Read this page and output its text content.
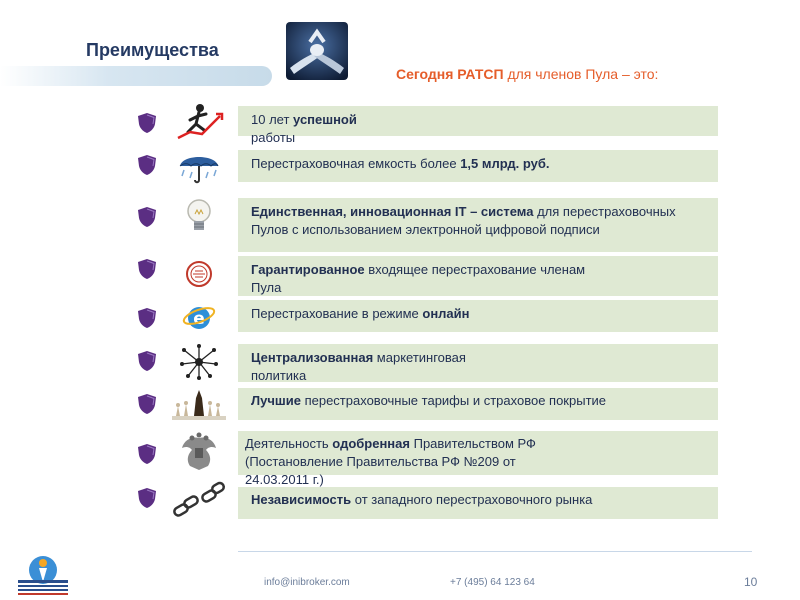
Преимущества
Сегодня РАТСП для членов Пула – это:
10 лет успешной работы
Перестраховочная емкость более 1,5 млрд. руб.
Единственная, инновационная IT – система для перестраховочных Пулов с использованием электронной цифровой подписи
Гарантированное входящее перестрахование членам Пула
e	Перестрахование в режиме онлайн
Централизованная маркетинговая политика
Лучшие перестраховочные тарифы и страховое покрытие
Деятельность одобренная Правительством РФ (Постановление Правительства РФ №209 от 24.03.2011 г.)
Независимость от западного перестраховочного рынка
info@inibroker.com	+7 (495) 64 123 64	10
